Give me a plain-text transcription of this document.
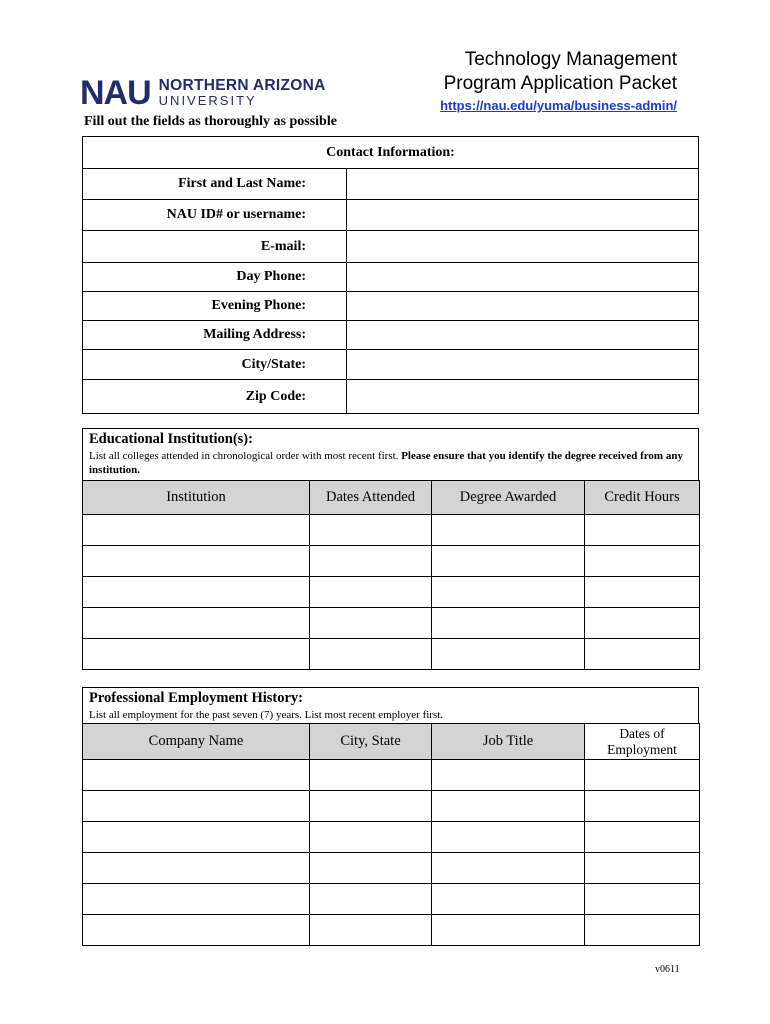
NAU NORTHERN ARIZONA
UNIVERSITY
Technology Management
Program Application Packet
https://nau.edu/yuma/business-admin/
Fill out the fields as thoroughly as possible
Contact Information:	
First and Last Name:	
NAU ID# or username:	
E-mail:	
Day Phone:	
Evening Phone:	
Mailing Address:	
City/State:	
Zip Code:	
Educational Institution(s):
List all colleges attended in chronological order with most recent first. Please ensure that you identify the degree received from any institution.
Institution	Dates Attended	Degree Awarded	Credit Hours

Professional Employment History:
List all employment for the past seven (7) years. List most recent employer first.
Company Name	City, State	Job Title	Dates of Employment

v0611
